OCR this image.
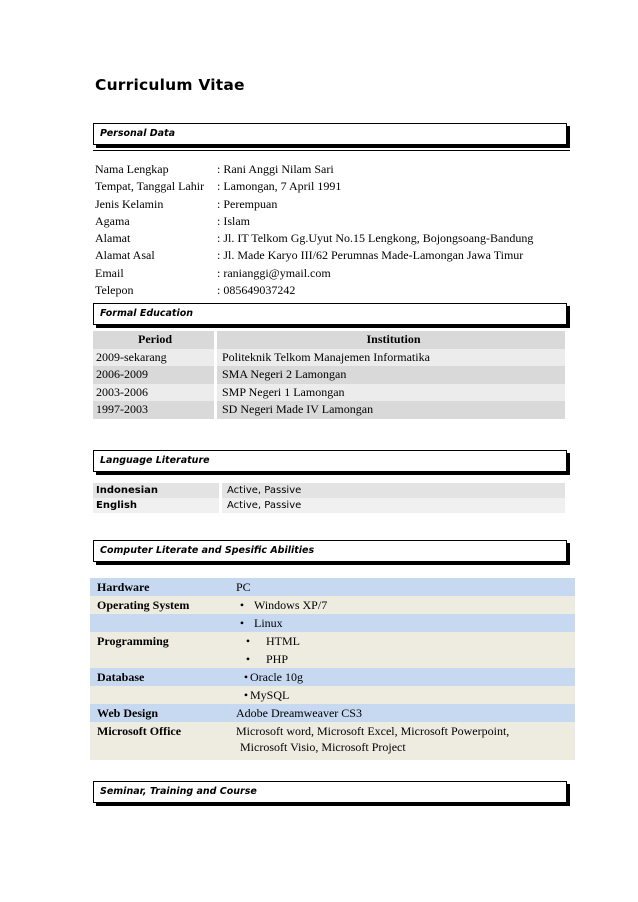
Curriculum Vitae
Personal Data
Nama Lengkap	: Rani Anggi Nilam Sari
Tempat, Tanggal Lahir	: Lamongan, 7 April 1991
Jenis Kelamin	: Perempuan
Agama	: Islam
Alamat	: Jl. IT Telkom Gg.Uyut No.15 Lengkong, Bojongsoang-Bandung
Alamat Asal	: Jl. Made Karyo III/62 Perumnas Made-Lamongan Jawa Timur
Email	: ranianggi@ymail.com
Telepon	: 085649037242
Formal Education
Period	Institution
2009-sekarang	Politeknik Telkom Manajemen Informatika
2006-2009	SMA Negeri 2 Lamongan
2003-2006	SMP Negeri 1 Lamongan
1997-2003	SD Negeri Made IV Lamongan
Language Literature
Indonesian	Active, Passive
English	Active, Passive
Computer Literate and Spesific Abilities
Hardware	PC
Operating System	• Windows XP/7
• Linux
Programming	• HTML
• PHP
Database	• Oracle 10g
• MySQL
Web Design	Adobe Dreamweaver CS3
Microsoft Office	Microsoft word, Microsoft Excel, Microsoft Powerpoint,
Microsoft Visio, Microsoft Project
Seminar, Training and Course
